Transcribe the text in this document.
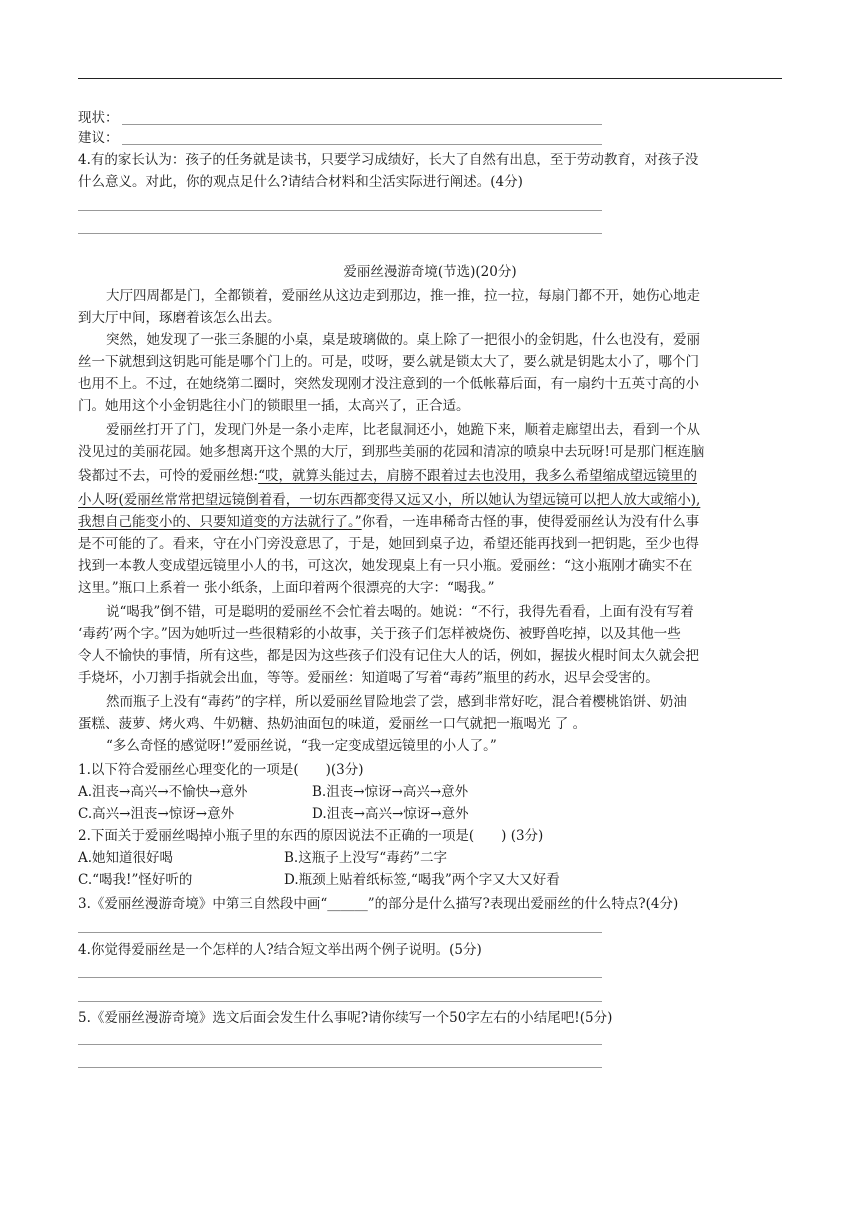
现状：
建议：
4.有的家长认为：孩子的任务就是读书，只要学习成绩好，长大了自然有出息，至于劳动教育，对孩子没
什么意义。对此，你的观点足什么?请结合材料和尘活实际进行阐述。(4分)
爱丽丝漫游奇境(节选)(20分)
大厅四周都是门，全都锁着，爱丽丝从这边走到那边，推一推，拉一拉，每扇门都不开，她伤心地走
到大厅中间，琢磨着该怎么出去。
突然，她发现了一张三条腿的小桌，桌是玻璃做的。桌上除了一把很小的金钥匙，什么也没有，爱丽
丝一下就想到这钥匙可能是哪个门上的。可是，哎呀，要么就是锁太大了，要么就是钥匙太小了，哪个门
也用不上。不过，在她绕第二圈时，突然发现刚才没注意到的一个低帐幕后面，有一扇约十五英寸高的小
门。她用这个小金钥匙往小门的锁眼里一插，太高兴了，正合适。
爱丽丝打开了门，发现门外是一条小走库，比老鼠洞还小，她跪下来，顺着走廊望出去，看到一个从
没见过的美丽花园。她多想离开这个黑的大厅，到那些美丽的花园和清凉的喷泉中去玩呀!可是那门框连脑
袋都过不去，可怜的爱丽丝想:“哎，就算头能过去，肩膀不跟着过去也没用，我多么希望缩成望远镜里的
小人呀(爱丽丝常常把望远镜倒着看，一切东西都变得又远又小，所以她认为望远镜可以把人放大或缩小),
我想自己能变小的、只要知道变的方法就行了。”你看，一连串稀奇古怪的事，使得爱丽丝认为没有什么事
是不可能的了。看来，守在小门旁没意思了，于是，她回到桌子边，希望还能再找到一把钥匙，至少也得
找到一本教人变成望远镜里小人的书，可这次，她发现桌上有一只小瓶。爱丽丝：“这小瓶刚才确实不在
这里。”瓶口上系着一 张小纸条，上面印着两个很漂亮的大字：“喝我。”
说“喝我”倒不错，可是聪明的爱丽丝不会忙着去喝的。她说：“不行，我得先看看，上面有没有写着
‘毒药’两个字。”因为她听过一些很精彩的小故事，关于孩子们怎样被烧伤、被野兽吃掉，以及其他一些
令人不愉快的事情，所有这些，都是因为这些孩子们没有记住大人的话，例如，握拔火棍时间太久就会把
手烧坏，小刀割手指就会出血，等等。爱丽丝：知道喝了写着“毒药”瓶里的药水，迟早会受害的。
然而瓶子上没有“毒药”的字样，所以爱丽丝冒险地尝了尝，感到非常好吃，混合着樱桃馅饼、奶油
蛋糕、菠萝、烤火鸡、牛奶糖、热奶油面包的味道，爱丽丝一口气就把一瓶喝光 了 。
“多么奇怪的感觉呀!”爱丽丝说，“我一定变成望远镜里的小人了。”
1.以下符合爱丽丝心理变化的一项是(　　)(3分)
A.沮丧→高兴→不愉快→意外	B.沮丧→惊讶→高兴→意外
C.高兴→沮丧→惊讶→意外	D.沮丧→高兴→惊讶→意外
2.下面关于爱丽丝喝掉小瓶子里的东西的原因说法不正确的一项是(　　) (3分)
A.她知道很好喝	B.这瓶子上没写“毒药”二字
C.“喝我!”怪好听的	D.瓶颈上贴着纸标签,“喝我”两个字又大又好看
3.《爱丽丝漫游奇境》中第三自然段中画“______”的部分是什么描写?表现出爱丽丝的什么特点?(4分)
4.你觉得爱丽丝是一个怎样的人?结合短文举出两个例子说明。(5分)
5.《爱丽丝漫游奇境》选文后面会发生什么事呢?请你续写一个50字左右的小结尾吧!(5分)
